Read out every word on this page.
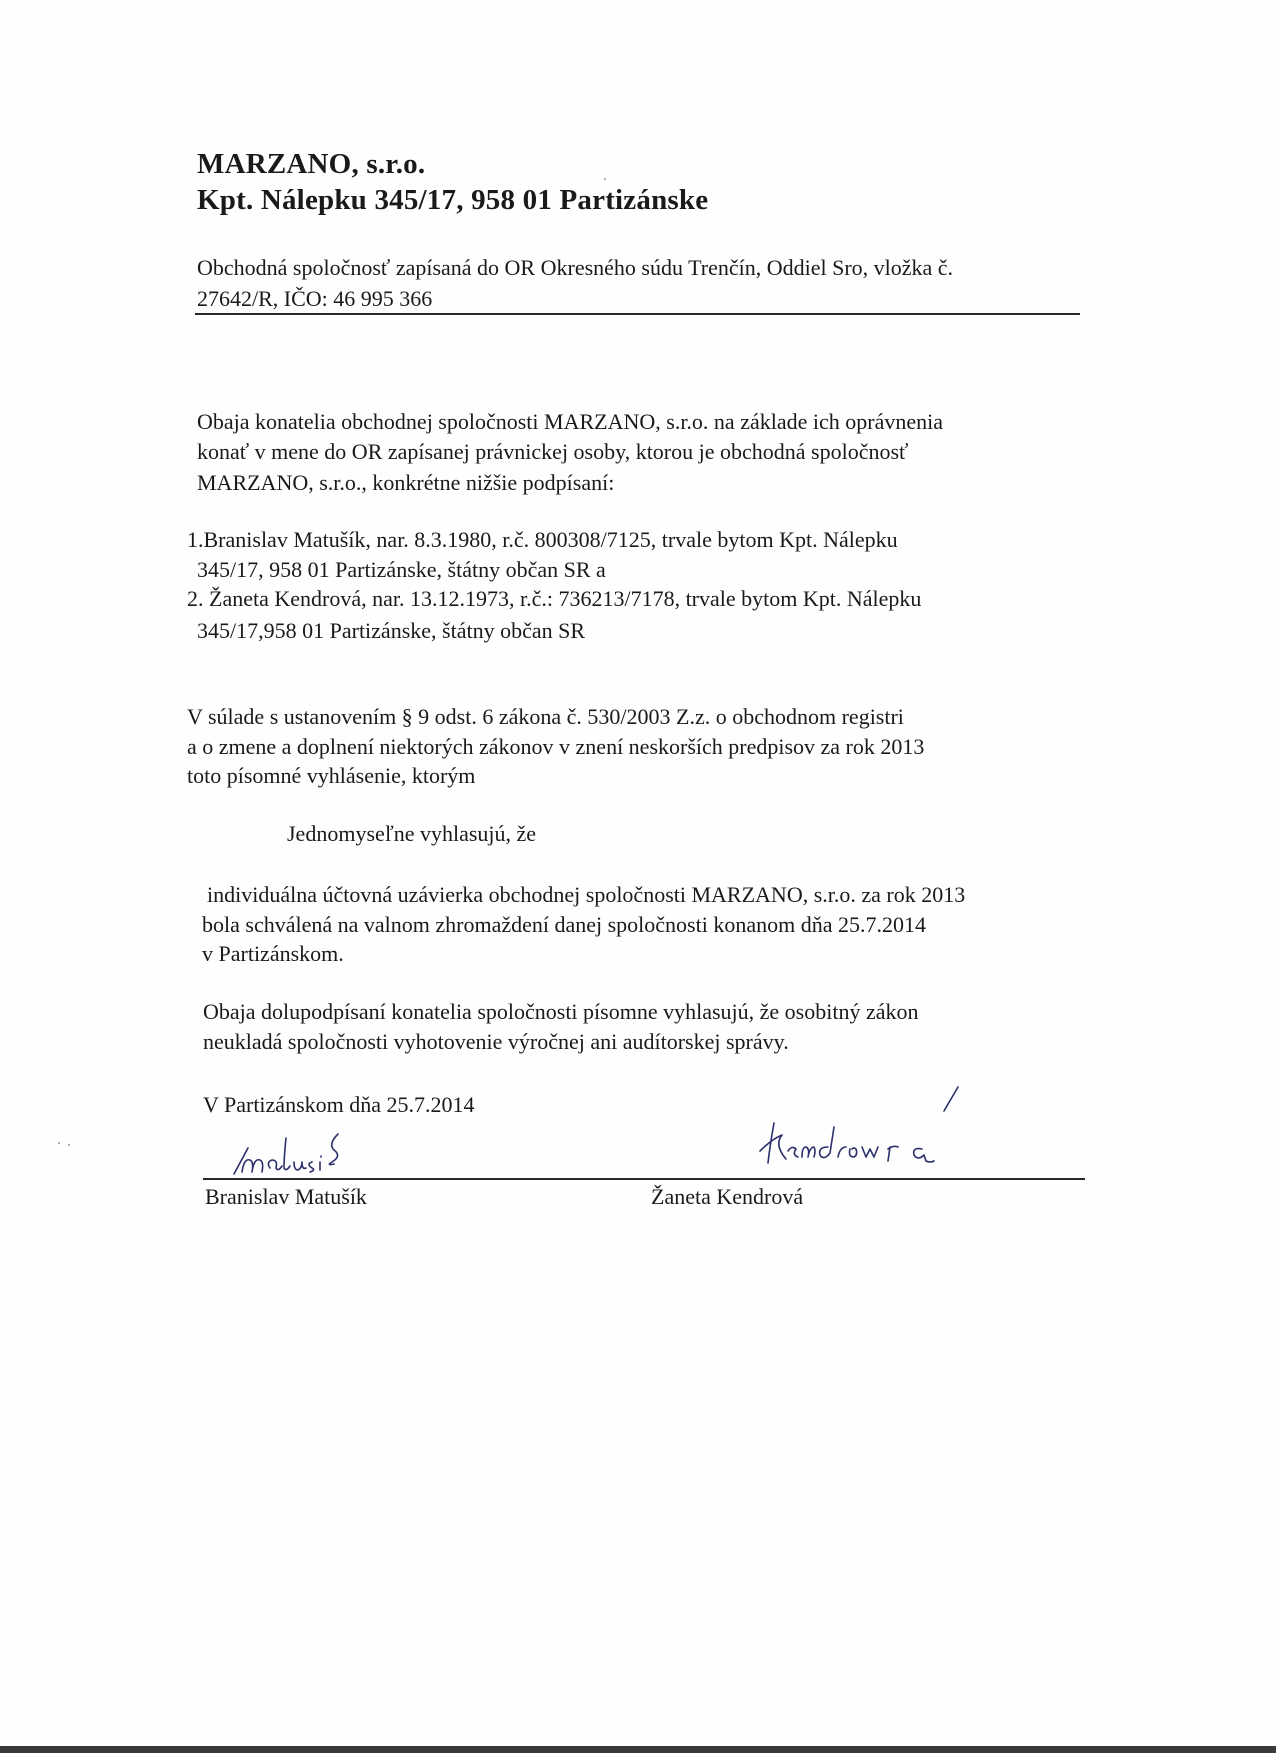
MARZANO, s.r.o.
Kpt. Nálepku 345/17, 958 01 Partizánske
Obchodná spoločnosť zapísaná do OR Okresného súdu Trenčín, Oddiel Sro, vložka č.
27642/R, IČO: 46 995 366
Obaja konatelia obchodnej spoločnosti MARZANO, s.r.o. na základe ich oprávnenia
konať v mene do OR zapísanej právnickej osoby, ktorou je obchodná spoločnosť
MARZANO, s.r.o., konkrétne nižšie podpísaní:
1.Branislav Matušík, nar. 8.3.1980, r.č. 800308/7125, trvale bytom Kpt. Nálepku
345/17, 958 01 Partizánske, štátny občan SR a
2. Žaneta Kendrová, nar. 13.12.1973, r.č.: 736213/7178, trvale bytom Kpt. Nálepku
345/17,958 01 Partizánske, štátny občan SR
V súlade s ustanovením § 9 odst. 6 zákona č. 530/2003 Z.z. o obchodnom registri
a o zmene a doplnení niektorých zákonov v znení neskorších predpisov za rok 2013
toto písomné vyhlásenie, ktorým
Jednomyseľne vyhlasujú, že
individuálna účtovná uzávierka obchodnej spoločnosti MARZANO, s.r.o. za rok 2013
bola schválená na valnom zhromaždení danej spoločnosti konanom dňa 25.7.2014
v Partizánskom.
Obaja dolupodpísaní konatelia spoločnosti písomne vyhlasujú, že osobitný zákon
neukladá spoločnosti vyhotovenie výročnej ani audítorskej správy.
V Partizánskom dňa 25.7.2014
Branislav Matušík	Žaneta Kendrová
